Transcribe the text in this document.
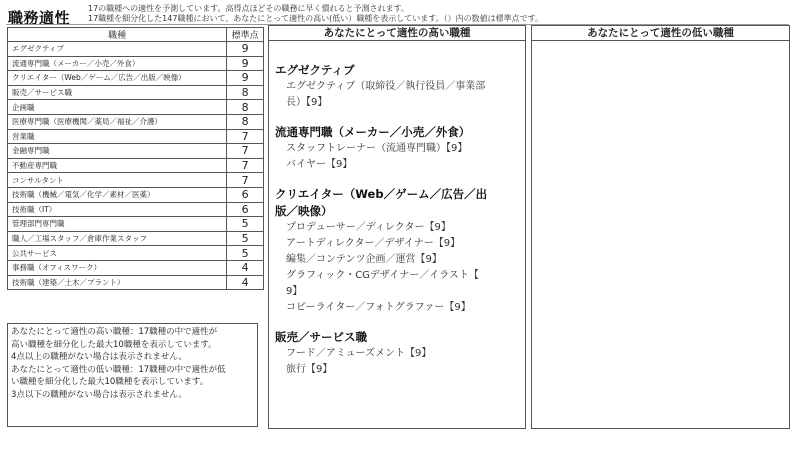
職務適性
17の職種への適性を予測しています。高得点ほどその職務に早く慣れると予測されます。
17職種を細分化した147職種において、あなたにとって適性の高い(低い）職種を表示しています。（）内の数値は標準点です。
職種	標準点
エグゼクティブ	9
流通専門職（メーカー／小売／外食）	9
クリエイター（Web／ゲーム／広告／出版／映像）	9
販売／サービス職	8
企画職	8
医療専門職（医療機関／薬局／福祉／介護）	8
営業職	7
金融専門職	7
不動産専門職	7
コンサルタント	7
技術職（機械／電気／化学／素材／医薬）	6
技術職（IT）	6
管理部門専門職	5
職人／工場スタッフ／倉庫作業スタッフ	5
公共サービス	5
事務職（オフィスワーク）	4
技術職（建築／土木／プラント）	4
あなたにとって適性の高い職種：17職種の中で適性が
高い職種を細分化した最大10職種を表示しています。
4点以上の職種がない場合は表示されません。
あなたにとって適性の低い職種：17職種の中で適性が低
い職種を細分化した最大10職種を表示しています。
3点以下の職種がない場合は表示されません。
あなたにとって適性の高い職種
エグゼクティブ
エグゼクティブ（取締役／執行役員／事業部
長）【9】
流通専門職（メーカー／小売／外食）
スタッフトレーナー（流通専門職）【9】
バイヤー【9】
クリエイター（Web／ゲーム／広告／出
版／映像）
プロデューサー／ディレクター【9】
アートディレクター／デザイナー【9】
編集／コンテンツ企画／運営【9】
グラフィック・CGデザイナー／イラスト【
9】
コピーライター／フォトグラファー【9】
販売／サービス職
フード／アミューズメント【9】
旅行【9】
あなたにとって適性の低い職種
